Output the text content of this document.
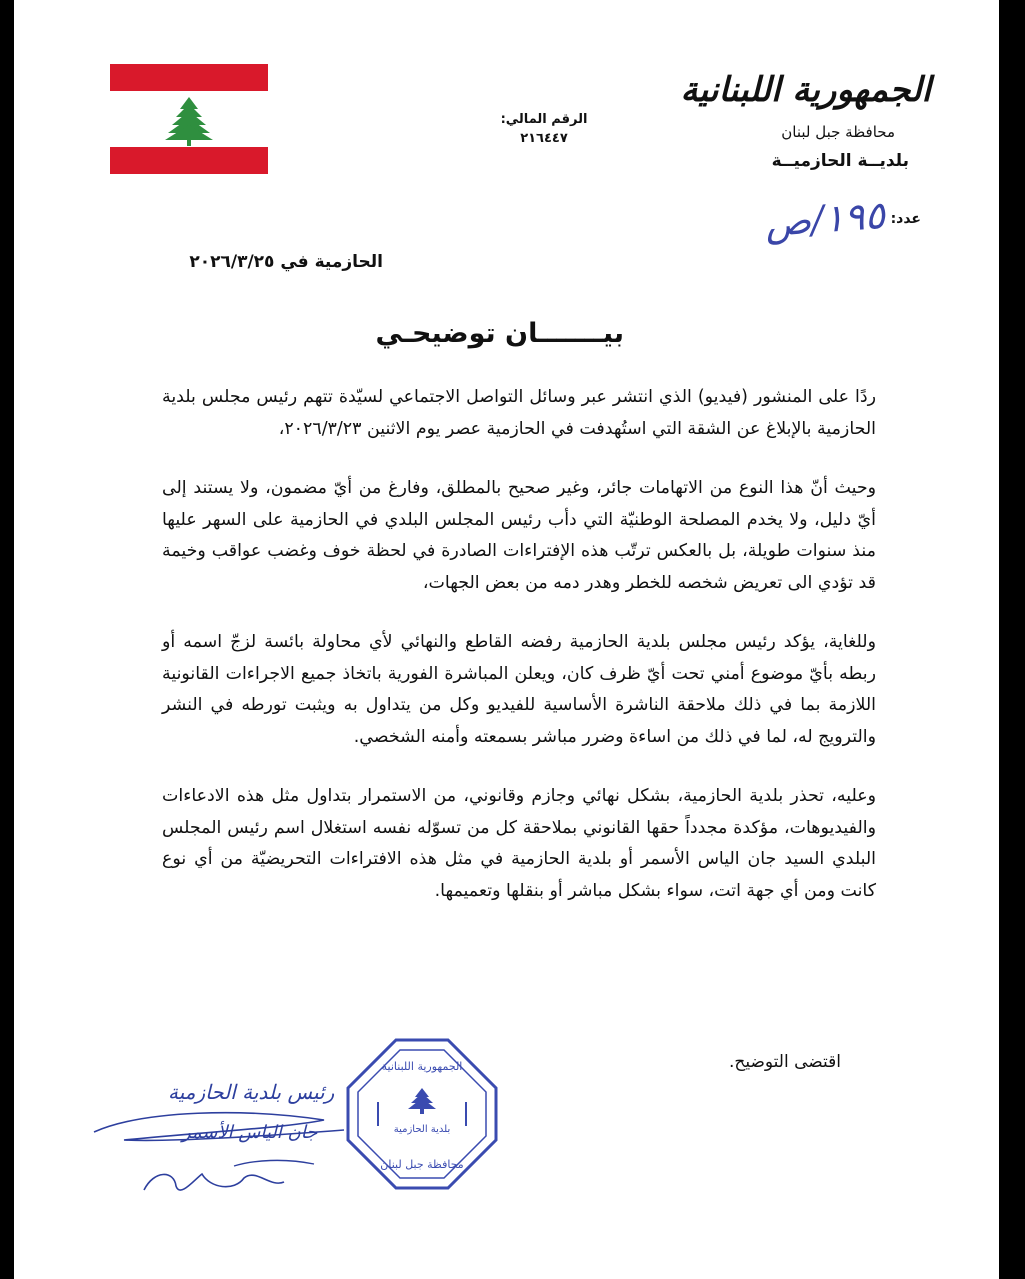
الرقم المالي:
٢١٦٤٤٧
الجمهورية اللبنانية
محافظة جبل لبنان
بلديــة الحازميــة
عدد:
١٩٥/ص
الحازمية في ٢٠٢٦/٣/٢٥
بيـــــــان توضيحـي

ردًا على المنشور (فيديو) الذي انتشر عبر وسائل التواصل الاجتماعي لسيّدة تتهم رئيس مجلس بلدية الحازمية بالإبلاغ عن الشقة التي استُهدفت في الحازمية عصر يوم الاثنين ٢٠٢٦/٣/٢٣،

وحيث أنّ هذا النوع من الاتهامات جائر، وغير صحيح بالمطلق، وفارغ من أيّ مضمون، ولا يستند إلى أيّ دليل، ولا يخدم المصلحة الوطنيّة التي دأب رئيس المجلس البلدي في الحازمية على السهر عليها منذ سنوات طويلة، بل بالعكس ترتّب هذه الإفتراءات الصادرة في لحظة خوف وغضب عواقب وخيمة قد تؤدي الى تعريض شخصه للخطر وهدر دمه من بعض الجهات،

وللغاية، يؤكد رئيس مجلس بلدية الحازمية رفضه القاطع والنهائي لأي محاولة بائسة لزجّ اسمه أو ربطه بأيّ موضوع أمني تحت أيّ ظرف كان، ويعلن المباشرة الفورية باتخاذ جميع الاجراءات القانونية اللازمة بما في ذلك ملاحقة الناشرة الأساسية للفيديو وكل من يتداول به ويثبت تورطه في النشر والترويج له، لما في ذلك من اساءة وضرر مباشر بسمعته وأمنه الشخصي.

وعليه، تحذر بلدية الحازمية، بشكل نهائي وجازم وقانوني، من الاستمرار بتداول مثل هذه الادعاءات والفيديوهات، مؤكدة مجدداً حقها القانوني بملاحقة كل من تسوّله نفسه استغلال اسم رئيس المجلس البلدي السيد جان الياس الأسمر أو بلدية الحازمية في مثل هذه الافتراءات التحريضيّة من أي نوع كانت ومن أي جهة اتت، سواء بشكل مباشر أو بنقلها وتعميمها.

اقتضى التوضيح.
الجمهورية اللبنانية
بلدية الحازمية
محافظة جبل لبنان
رئيس بلدية الحازمية
جان الياس الأسمر
